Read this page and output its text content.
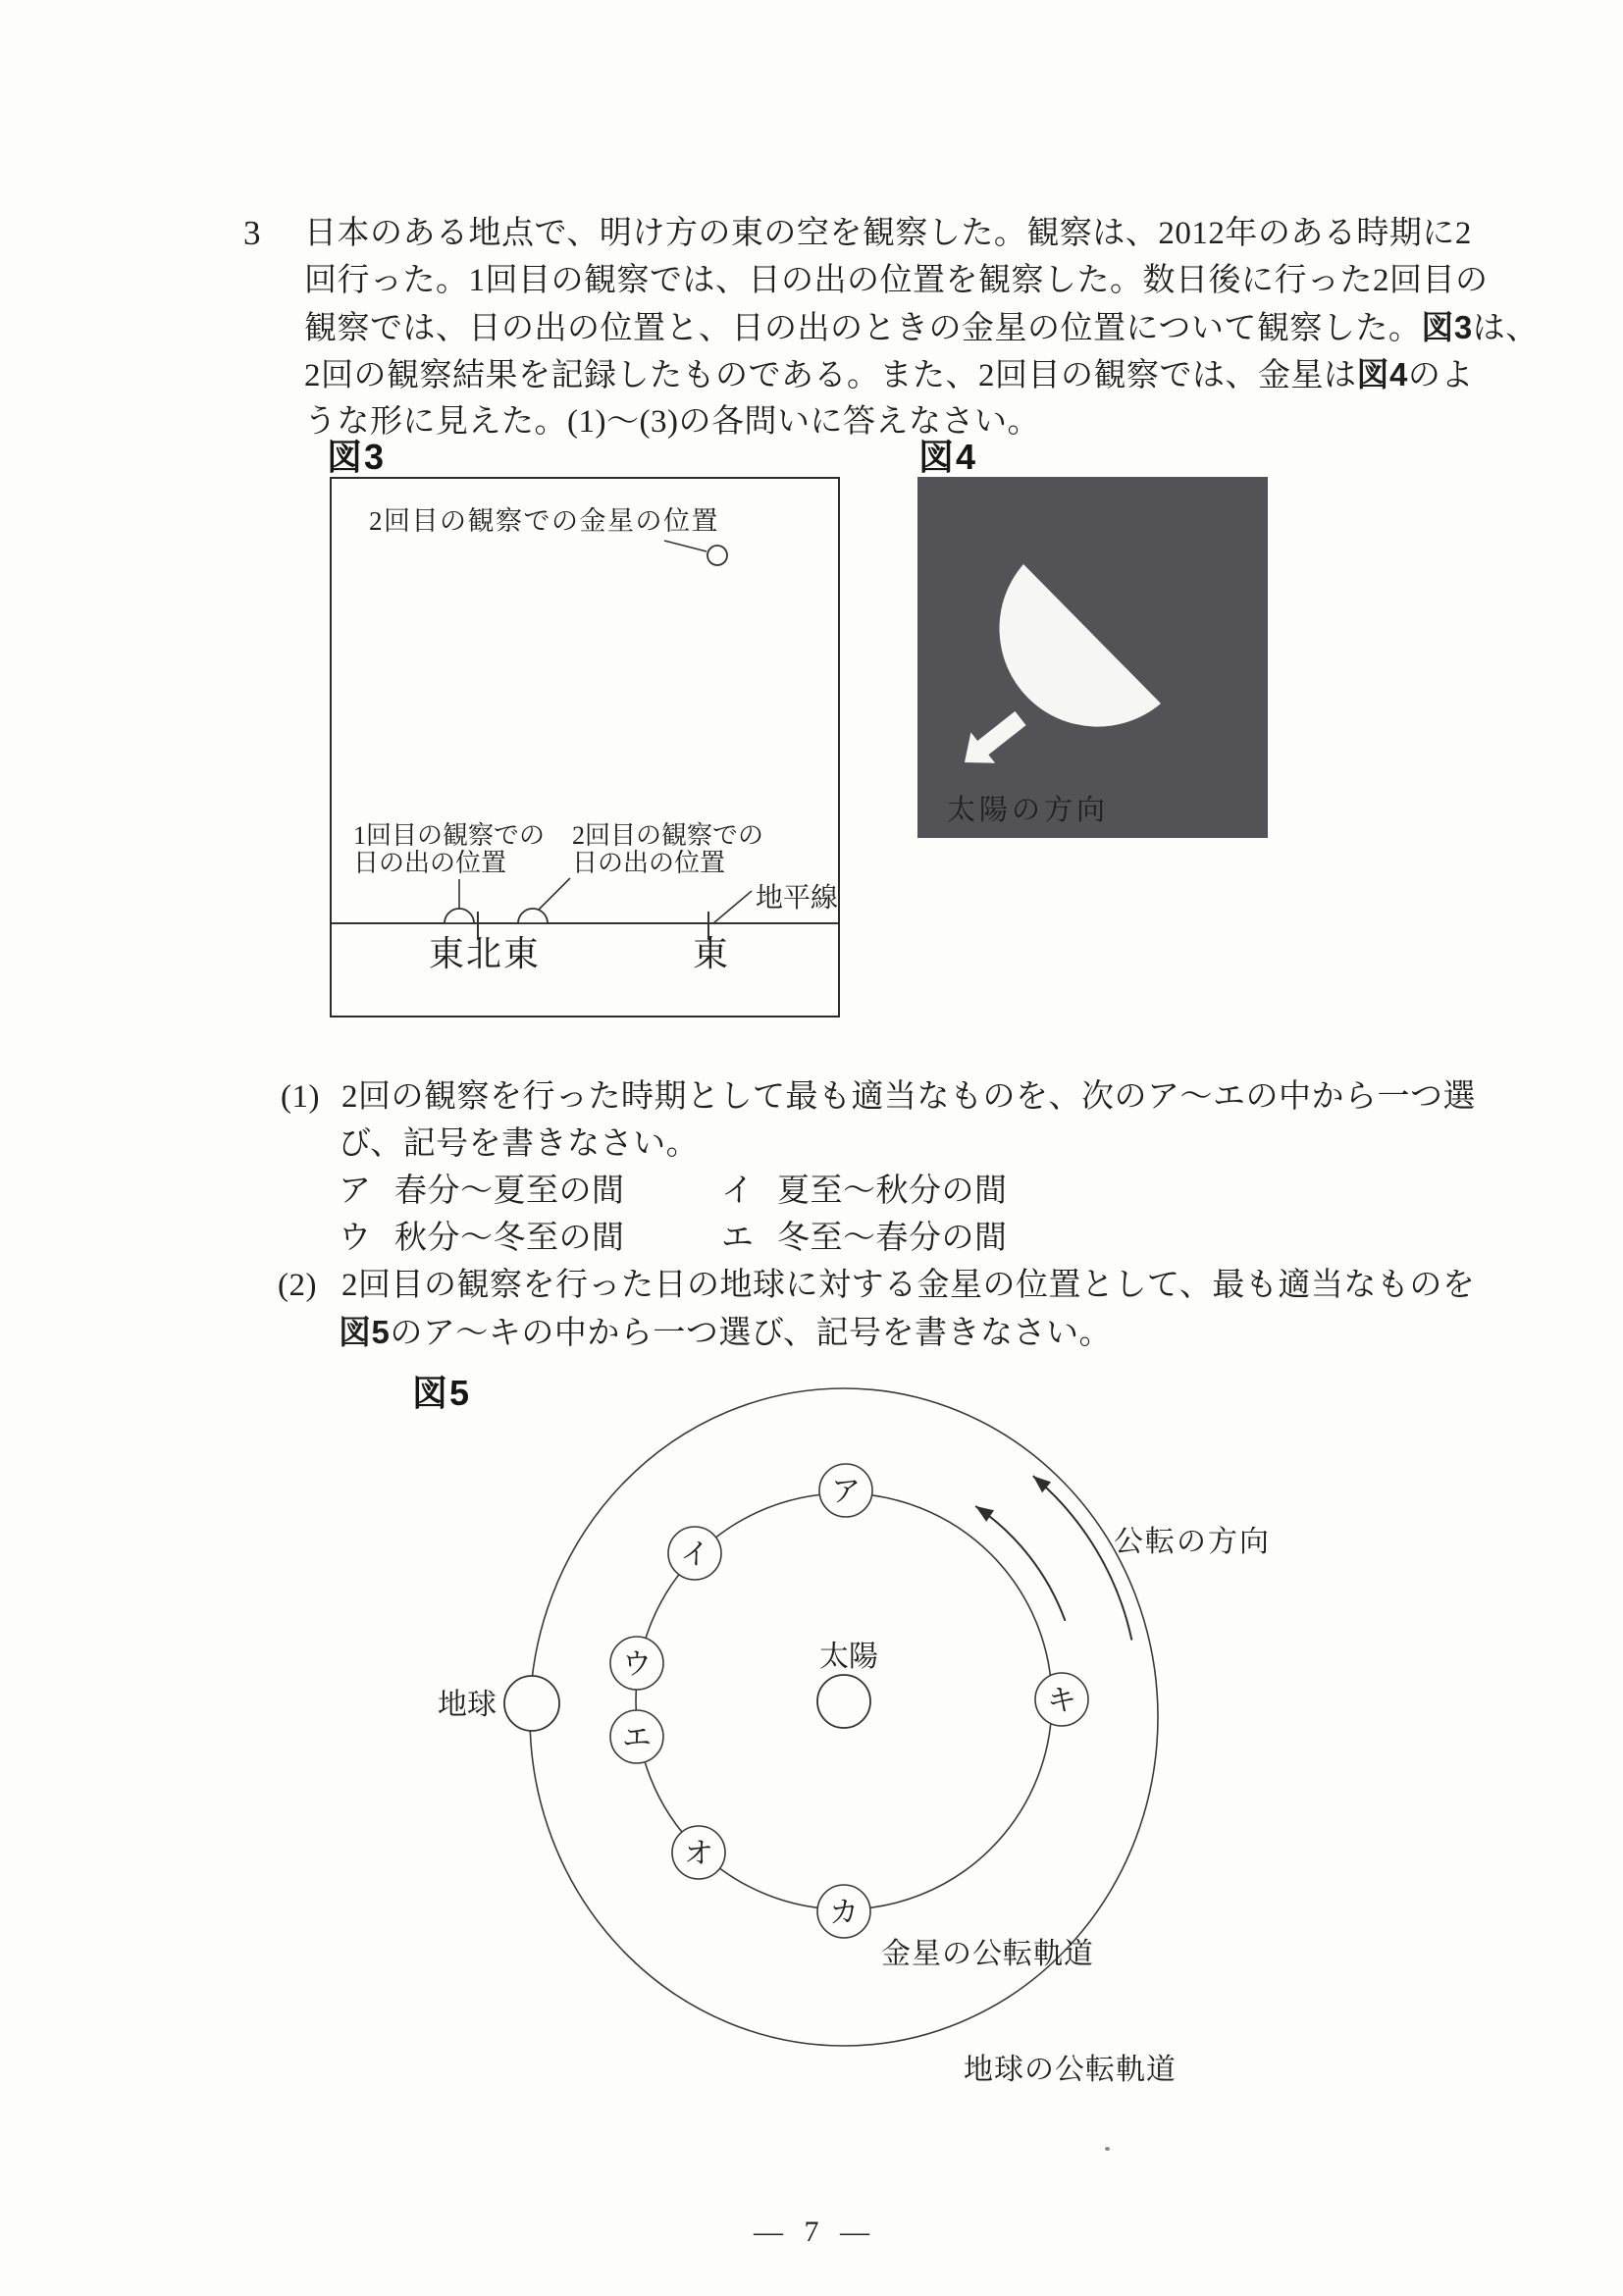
3 日本のある地点で、明け方の東の空を観察した。観察は、2012年のある時期に2
回行った。1回目の観察では、日の出の位置を観察した。数日後に行った2回目の
観察では、日の出の位置と、日の出のときの金星の位置について観察した。図3は、
2回の観察結果を記録したものである。また、2回目の観察では、金星は図4のよ
うな形に見えた。(1)〜(3)の各問いに答えなさい。
図3
2回目の観察での金星の位置
1回目の観察での
日の出の位置
2回目の観察での
日の出の位置
地平線
東北東	東
図4
太陽の方向
(1) 2回の観察を行った時期として最も適当なものを、次のア〜エの中から一つ選
び、記号を書きなさい。
ア 春分〜夏至の間	イ 夏至〜秋分の間
ウ 秋分〜冬至の間	エ 冬至〜春分の間
(2) 2回目の観察を行った日の地球に対する金星の位置として、最も適当なものを
図5のア〜キの中から一つ選び、記号を書きなさい。
図5
公転の方向
太陽
地球
ア
イ
ウ
エ
オ
カ
キ
金星の公転軌道
地球の公転軌道
— 7 —
